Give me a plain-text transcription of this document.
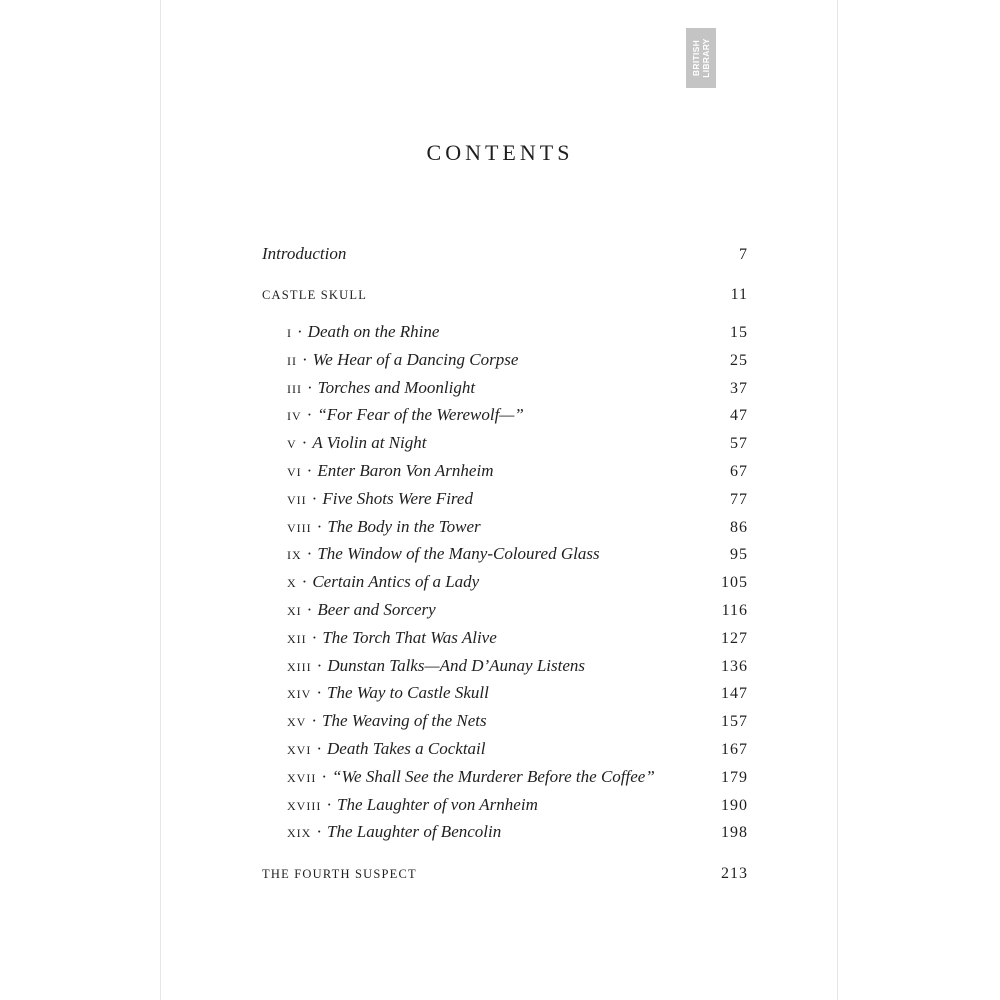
BRITISH LIBRARY
CONTENTS
Introduction	7
CASTLE SKULL	11
I · Death on the Rhine	15
II · We Hear of a Dancing Corpse	25
III · Torches and Moonlight	37
IV · “For Fear of the Werewolf—”	47
V · A Violin at Night	57
VI · Enter Baron Von Arnheim	67
VII · Five Shots Were Fired	77
VIII · The Body in the Tower	86
IX · The Window of the Many-Coloured Glass	95
X · Certain Antics of a Lady	105
XI · Beer and Sorcery	116
XII · The Torch That Was Alive	127
XIII · Dunstan Talks—And D’Aunay Listens	136
XIV · The Way to Castle Skull	147
XV · The Weaving of the Nets	157
XVI · Death Takes a Cocktail	167
XVII · “We Shall See the Murderer Before the Coffee”	179
XVIII · The Laughter of von Arnheim	190
XIX · The Laughter of Bencolin	198
THE FOURTH SUSPECT	213
